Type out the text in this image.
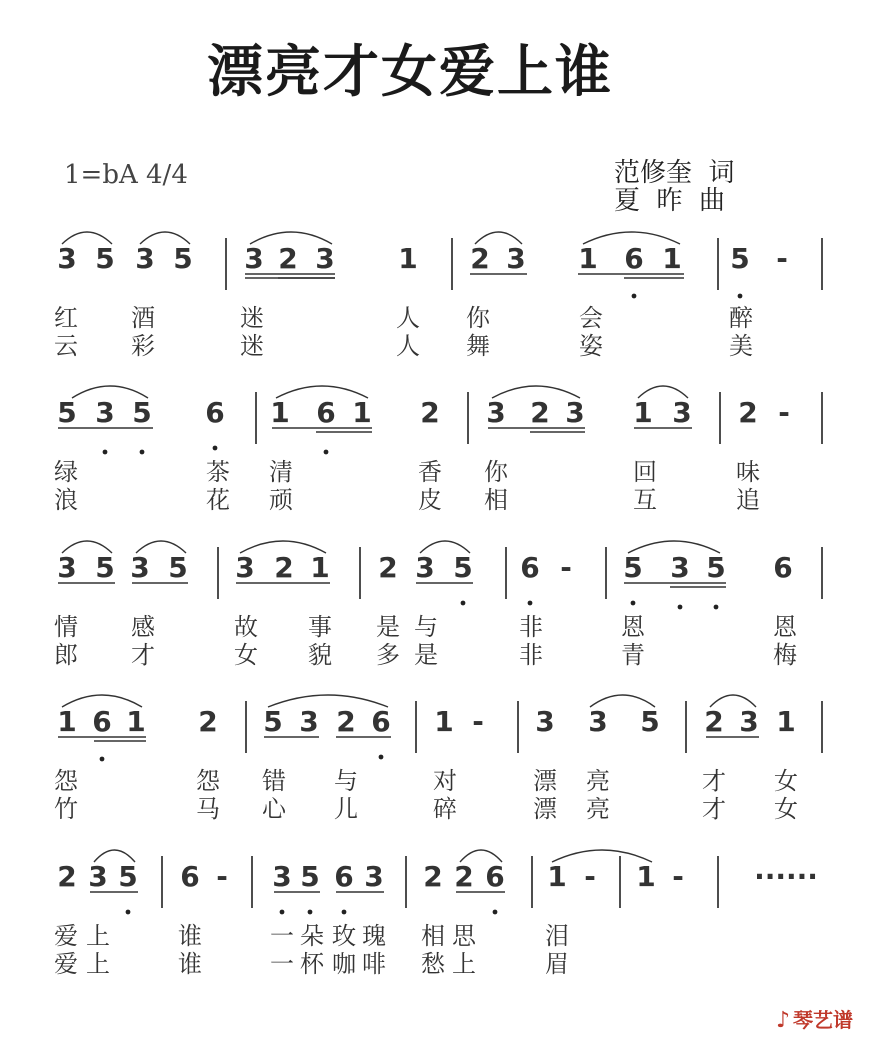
漂亮才女爱上谁
1=bA 4/4	范修奎  词
夏  昨  曲
3 5 3 5 3 2 3 1 2 3 1 6 1 5 -
红 酒	迷	人 你	会	醉
云 彩	迷	人 舞	姿	美
5 3 5 6 1 6 1 2 3 2 3 1 3 2 -
绿	茶 清	香 你	回	味
浪	花 顽	皮 相	互	追
3 5 3 5 3 2 1 2 3 5 6 - 5 3 5 6
情 感	故 事 是 与	非	恩	恩
郎 才	女 貌 多 是	非	青	梅
1 6 1 2 5 3 2 6 1 - 3 3 5 2 3 1
怨	怨 错 与	对	漂 亮	才 女
竹	马 心 儿	碎	漂 亮	才 女
2 3 5 6 - 3 5 6 3 2 2 6 1 - 1 -	······
爱 上	谁	一 朵 玫 瑰 相 思	泪
爱 上	谁	一 杯 咖 啡 愁 上	眉
♪ 琴艺谱
